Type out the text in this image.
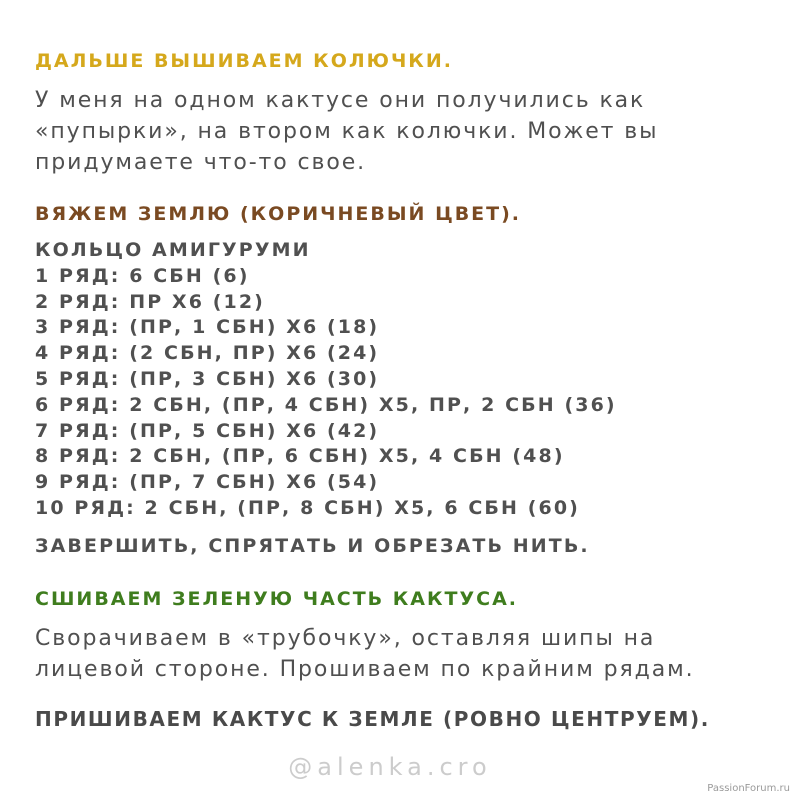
ДАЛЬШЕ ВЫШИВАЕМ КОЛЮЧКИ.

У меня на одном кактусе они получились как
«пупырки», на втором как колючки. Может вы
придумаете что-то свое.

ВЯЖЕМ ЗЕМЛЮ (КОРИЧНЕВЫЙ ЦВЕТ).
КОЛЬЦО АМИГУРУМИ
1 РЯД: 6 СБН (6)
2 РЯД: ПР Х6 (12)
3 РЯД: (ПР, 1 СБН) Х6 (18)
4 РЯД: (2 СБН, ПР) Х6 (24)
5 РЯД: (ПР, 3 СБН) Х6 (30)
6 РЯД: 2 СБН, (ПР, 4 СБН) Х5, ПР, 2 СБН (36)
7 РЯД: (ПР, 5 СБН) Х6 (42)
8 РЯД: 2 СБН, (ПР, 6 СБН) Х5, 4 СБН (48)
9 РЯД: (ПР, 7 СБН) Х6 (54)
10 РЯД: 2 СБН, (ПР, 8 СБН) Х5, 6 СБН (60)

ЗАВЕРШИТЬ, СПРЯТАТЬ И ОБРЕЗАТЬ НИТЬ.

СШИВАЕМ ЗЕЛЕНУЮ ЧАСТЬ КАКТУСА.

Сворачиваем в «трубочку», оставляя шипы на
лицевой стороне. Прошиваем по крайним рядам.

ПРИШИВАЕМ КАКТУС К ЗЕМЛЕ (РОВНО ЦЕНТРУЕМ).
@alenka.cro
PassionForum.ru
